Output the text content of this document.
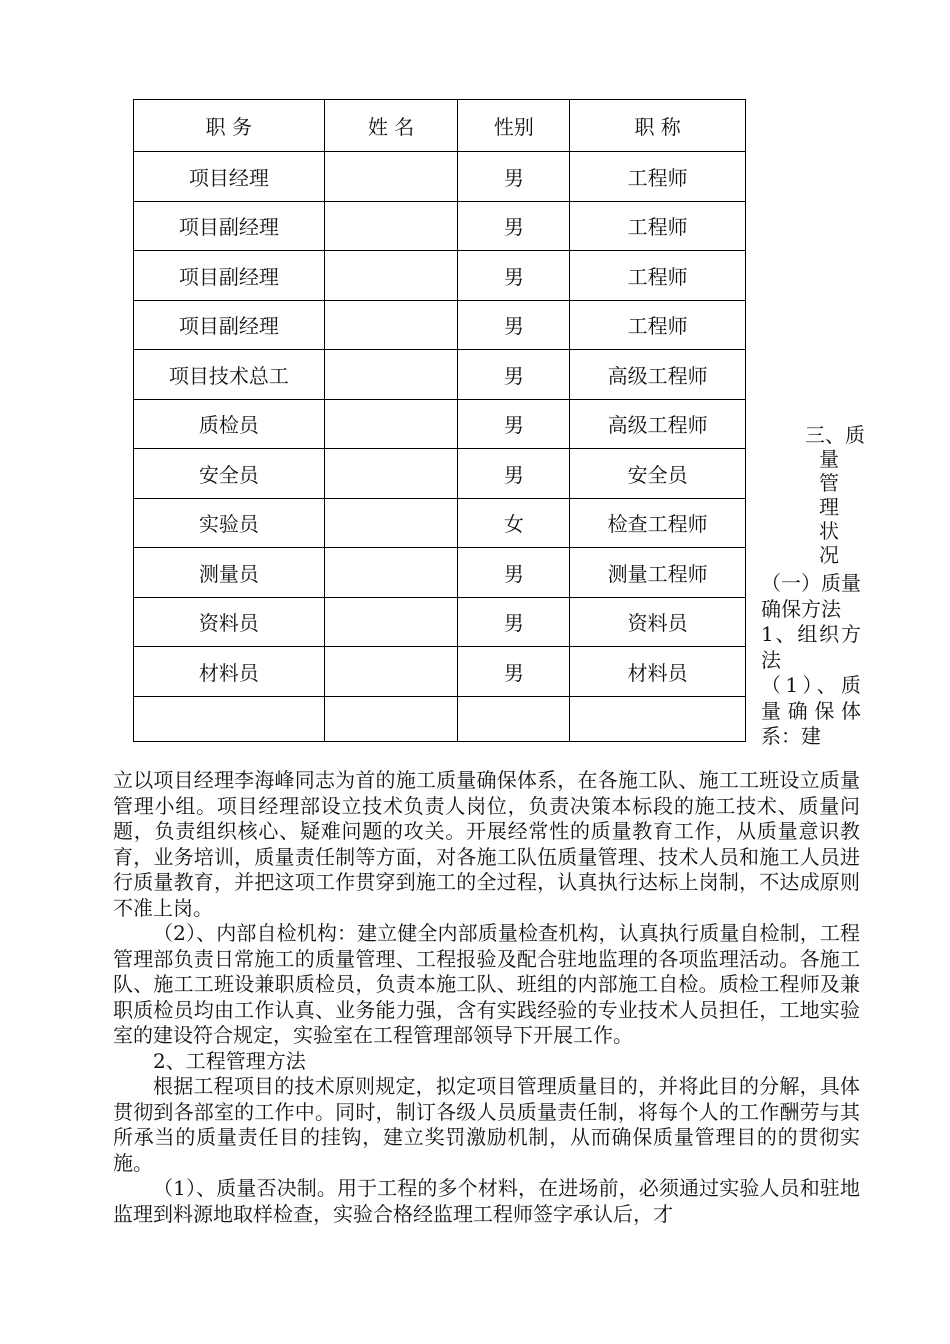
职 务	姓 名	性别	职 称
项目经理		男	工程师
项目副经理		男	工程师
项目副经理		男	工程师
项目副经理		男	工程师
项目技术总工		男	高级工程师
质检员		男	高级工程师
安全员		男	安全员
实验员		女	检查工程师
测量员		男	测量工程师
资料员		男	资料员
材料员		男	材料员

三、质
量管理状况

（一）质量确保方法

1、组织方法

（1）、质量确保体系：建

立以项目经理李海峰同志为首的施工质量确保体系，在各施工队、施工工班设立质量管理小组。项目经理部设立技术负责人岗位，负责决策本标段的施工技术、质量问题，负责组织核心、疑难问题的攻关。开展经常性的质量教育工作，从质量意识教育，业务培训，质量责任制等方面，对各施工队伍质量管理、技术人员和施工人员进行质量教育，并把这项工作贯穿到施工的全过程，认真执行达标上岗制，不达成原则不准上岗。

（2）、内部自检机构：建立健全内部质量检查机构，认真执行质量自检制，工程管理部负责日常施工的质量管理、工程报验及配合驻地监理的各项监理活动。各施工队、施工工班设兼职质检员，负责本施工队、班组的内部施工自检。质检工程师及兼职质检员均由工作认真、业务能力强，含有实践经验的专业技术人员担任，工地实验室的建设符合规定，实验室在工程管理部领导下开展工作。

2、工程管理方法

根据工程项目的技术原则规定，拟定项目管理质量目的，并将此目的分解，具体贯彻到各部室的工作中。同时，制订各级人员质量责任制，将每个人的工作酬劳与其所承当的质量责任目的挂钩，建立奖罚激励机制，从而确保质量管理目的的贯彻实施。

（1）、质量否决制。用于工程的多个材料，在进场前，必须通过实验人员和驻地监理到料源地取样检查，实验合格经监理工程师签字承认后，才
